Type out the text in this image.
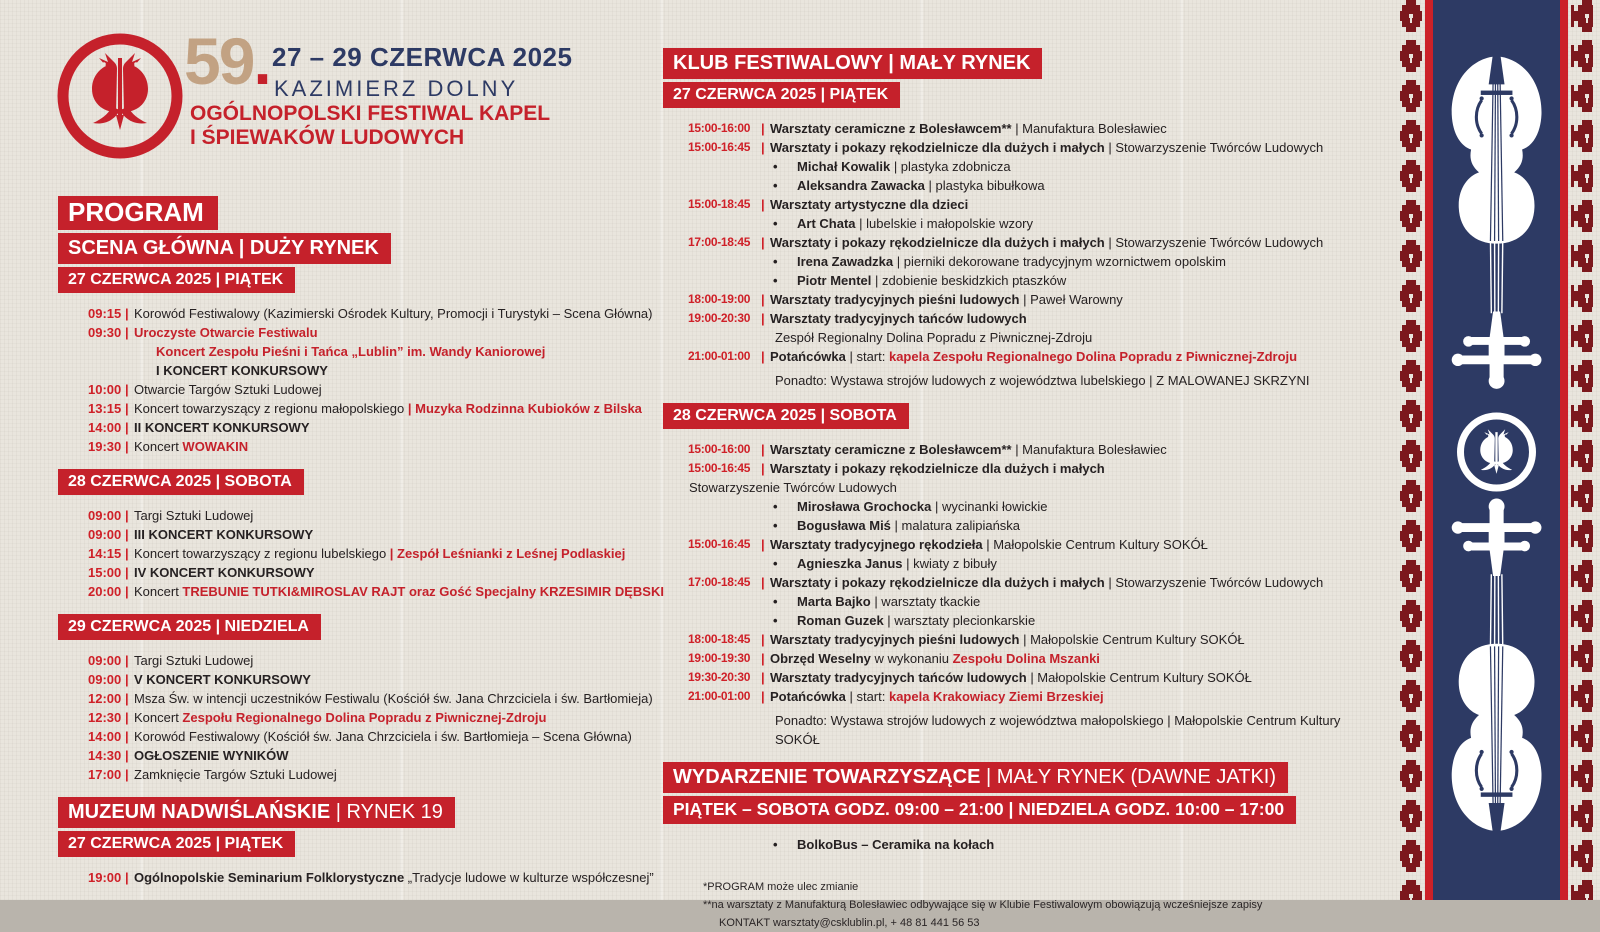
59. 27 – 29 CZERWCA 2025
KAZIMIERZ DOLNY
OGÓLNOPOLSKI FESTIWAL KAPEL
I ŚPIEWAKÓW LUDOWYCH
PROGRAM
SCENA GŁÓWNA | DUŻY RYNEK
27 CZERWCA 2025 | PIĄTEK
09:15 | Korowód Festiwalowy (Kazimierski Ośrodek Kultury, Promocji i Turystyki – Scena Główna)
09:30 | Uroczyste Otwarcie Festiwalu
Koncert Zespołu Pieśni i Tańca „Lublin” im. Wandy Kaniorowej
I KONCERT KONKURSOWY
10:00 | Otwarcie Targów Sztuki Ludowej
13:15 | Koncert towarzyszący z regionu małopolskiego | Muzyka Rodzinna Kubioków z Bilska
14:00 | II KONCERT KONKURSOWY
19:30 | Koncert WOWAKIN
28 CZERWCA 2025 | SOBOTA
09:00 | Targi Sztuki Ludowej
09:00 | III KONCERT KONKURSOWY
14:15 | Koncert towarzyszący z regionu lubelskiego | Zespół Leśnianki z Leśnej Podlaskiej
15:00 | IV KONCERT KONKURSOWY
20:00 | Koncert TREBUNIE TUTKI&MIROSLAV RAJT oraz Gość Specjalny KRZESIMIR DĘBSKI
29 CZERWCA 2025 | NIEDZIELA
09:00 | Targi Sztuki Ludowej
09:00 | V KONCERT KONKURSOWY
12:00 | Msza Św. w intencji uczestników Festiwalu (Kościół św. Jana Chrzciciela i św. Bartłomieja)
12:30 | Koncert Zespołu Regionalnego Dolina Popradu z Piwnicznej-Zdroju
14:00 | Korowód Festiwalowy (Kościół św. Jana Chrzciciela i św. Bartłomieja – Scena Główna)
14:30 | OGŁOSZENIE WYNIKÓW
17:00 | Zamknięcie Targów Sztuki Ludowej
MUZEUM NADWIŚLAŃSKIE | RYNEK 19
27 CZERWCA 2025 | PIĄTEK
19:00 | Ogólnopolskie Seminarium Folklorystyczne „Tradycje ludowe w kulturze współczesnej”
KLUB FESTIWALOWY | MAŁY RYNEK
27 CZERWCA 2025 | PIĄTEK
15:00-16:00 | Warsztaty ceramiczne z Bolesławcem** | Manufaktura Bolesławiec
15:00-16:45 | Warsztaty i pokazy rękodzielnicze dla dużych i małych | Stowarzyszenie Twórców Ludowych
• Michał Kowalik | plastyka zdobnicza
• Aleksandra Zawacka | plastyka bibułkowa
15:00-18:45 | Warsztaty artystyczne dla dzieci
• Art Chata | lubelskie i małopolskie wzory
17:00-18:45 | Warsztaty i pokazy rękodzielnicze dla dużych i małych | Stowarzyszenie Twórców Ludowych
• Irena Zawadzka | pierniki dekorowane tradycyjnym wzornictwem opolskim
• Piotr Mentel | zdobienie beskidzkich ptaszków
18:00-19:00 | Warsztaty tradycyjnych pieśni ludowych | Paweł Warowny
19:00-20:30 | Warsztaty tradycyjnych tańców ludowych
Zespół Regionalny Dolina Popradu z Piwnicznej-Zdroju
21:00-01:00 | Potańcówka | start: kapela Zespołu Regionalnego Dolina Popradu z Piwnicznej-Zdroju
Ponadto: Wystawa strojów ludowych z województwa lubelskiego | Z MALOWANEJ SKRZYNI
28 CZERWCA 2025 | SOBOTA
15:00-16:00 | Warsztaty ceramiczne z Bolesławcem** | Manufaktura Bolesławiec
15:00-16:45 | Warsztaty i pokazy rękodzielnicze dla dużych i małych
Stowarzyszenie Twórców Ludowych
• Mirosława Grochocka | wycinanki łowickie
• Bogusława Miś | malatura zalipiańska
15:00-16:45 | Warsztaty tradycyjnego rękodzieła | Małopolskie Centrum Kultury SOKÓŁ
• Agnieszka Janus | kwiaty z bibuły
17:00-18:45 | Warsztaty i pokazy rękodzielnicze dla dużych i małych | Stowarzyszenie Twórców Ludowych
• Marta Bajko | warsztaty tkackie
• Roman Guzek | warsztaty plecionkarskie
18:00-18:45 | Warsztaty tradycyjnych pieśni ludowych | Małopolskie Centrum Kultury SOKÓŁ
19:00-19:30 | Obrzęd Weselny w wykonaniu Zespołu Dolina Mszanki
19:30-20:30 | Warsztaty tradycyjnych tańców ludowych | Małopolskie Centrum Kultury SOKÓŁ
21:00-01:00 | Potańcówka | start: kapela Krakowiacy Ziemi Brzeskiej
Ponadto: Wystawa strojów ludowych z województwa małopolskiego | Małopolskie Centrum Kultury SOKÓŁ
WYDARZENIE TOWARZYSZĄCE | MAŁY RYNEK (DAWNE JATKI)
PIĄTEK – SOBOTA GODZ. 09:00 – 21:00 | NIEDZIELA GODZ. 10:00 – 17:00
• BolkoBus – Ceramika na kołach
*PROGRAM może ulec zmianie
**na warsztaty z Manufakturą Bolesławiec odbywające się w Klubie Festiwalowym obowiązują wcześniejsze zapisy
KONTAKT warsztaty@csklublin.pl, + 48 81 441 56 53
